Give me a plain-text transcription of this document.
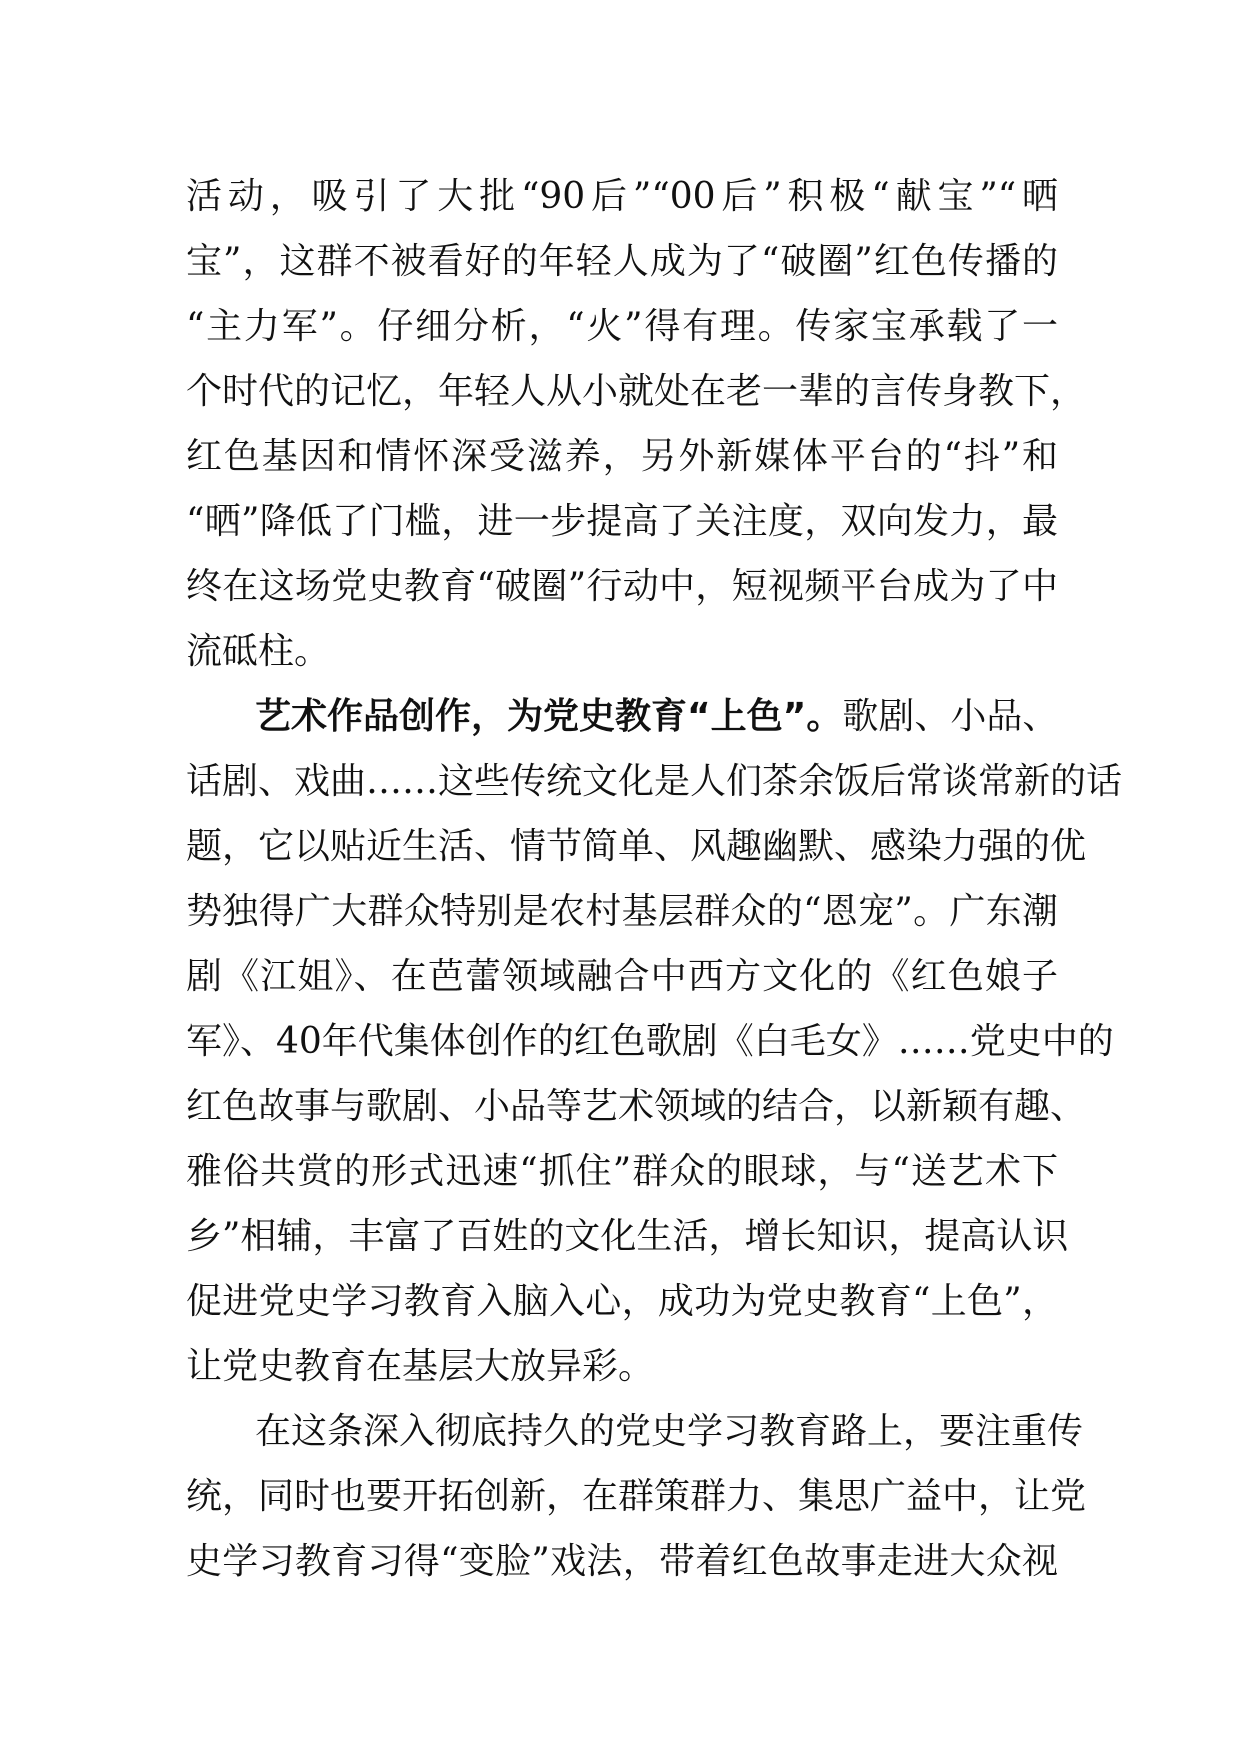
活动，吸引了大批“90后”“00后”积极“献宝”“晒
宝”，这群不被看好的年轻人成为了“破圈”红色传播的
“主力军”。仔细分析，“火”得有理。传家宝承载了一
个时代的记忆，年轻人从小就处在老一辈的言传身教下，
红色基因和情怀深受滋养，另外新媒体平台的“抖”和
“晒”降低了门槛，进一步提高了关注度，双向发力，最
终在这场党史教育“破圈”行动中，短视频平台成为了中
流砥柱。
艺术作品创作，为党史教育“上色”。歌剧、小品、
话剧、戏曲……这些传统文化是人们茶余饭后常谈常新的话
题，它以贴近生活、情节简单、风趣幽默、感染力强的优
势独得广大群众特别是农村基层群众的“恩宠”。广东潮
剧《江姐》、在芭蕾领域融合中西方文化的《红色娘子
军》、40年代集体创作的红色歌剧《白毛女》……党史中的
红色故事与歌剧、小品等艺术领域的结合，以新颖有趣、
雅俗共赏的形式迅速“抓住”群众的眼球，与“送艺术下
乡”相辅，丰富了百姓的文化生活，增长知识，提高认识
促进党史学习教育入脑入心，成功为党史教育“上色”，
让党史教育在基层大放异彩。
在这条深入彻底持久的党史学习教育路上，要注重传
统，同时也要开拓创新，在群策群力、集思广益中，让党
史学习教育习得“变脸”戏法，带着红色故事走进大众视
